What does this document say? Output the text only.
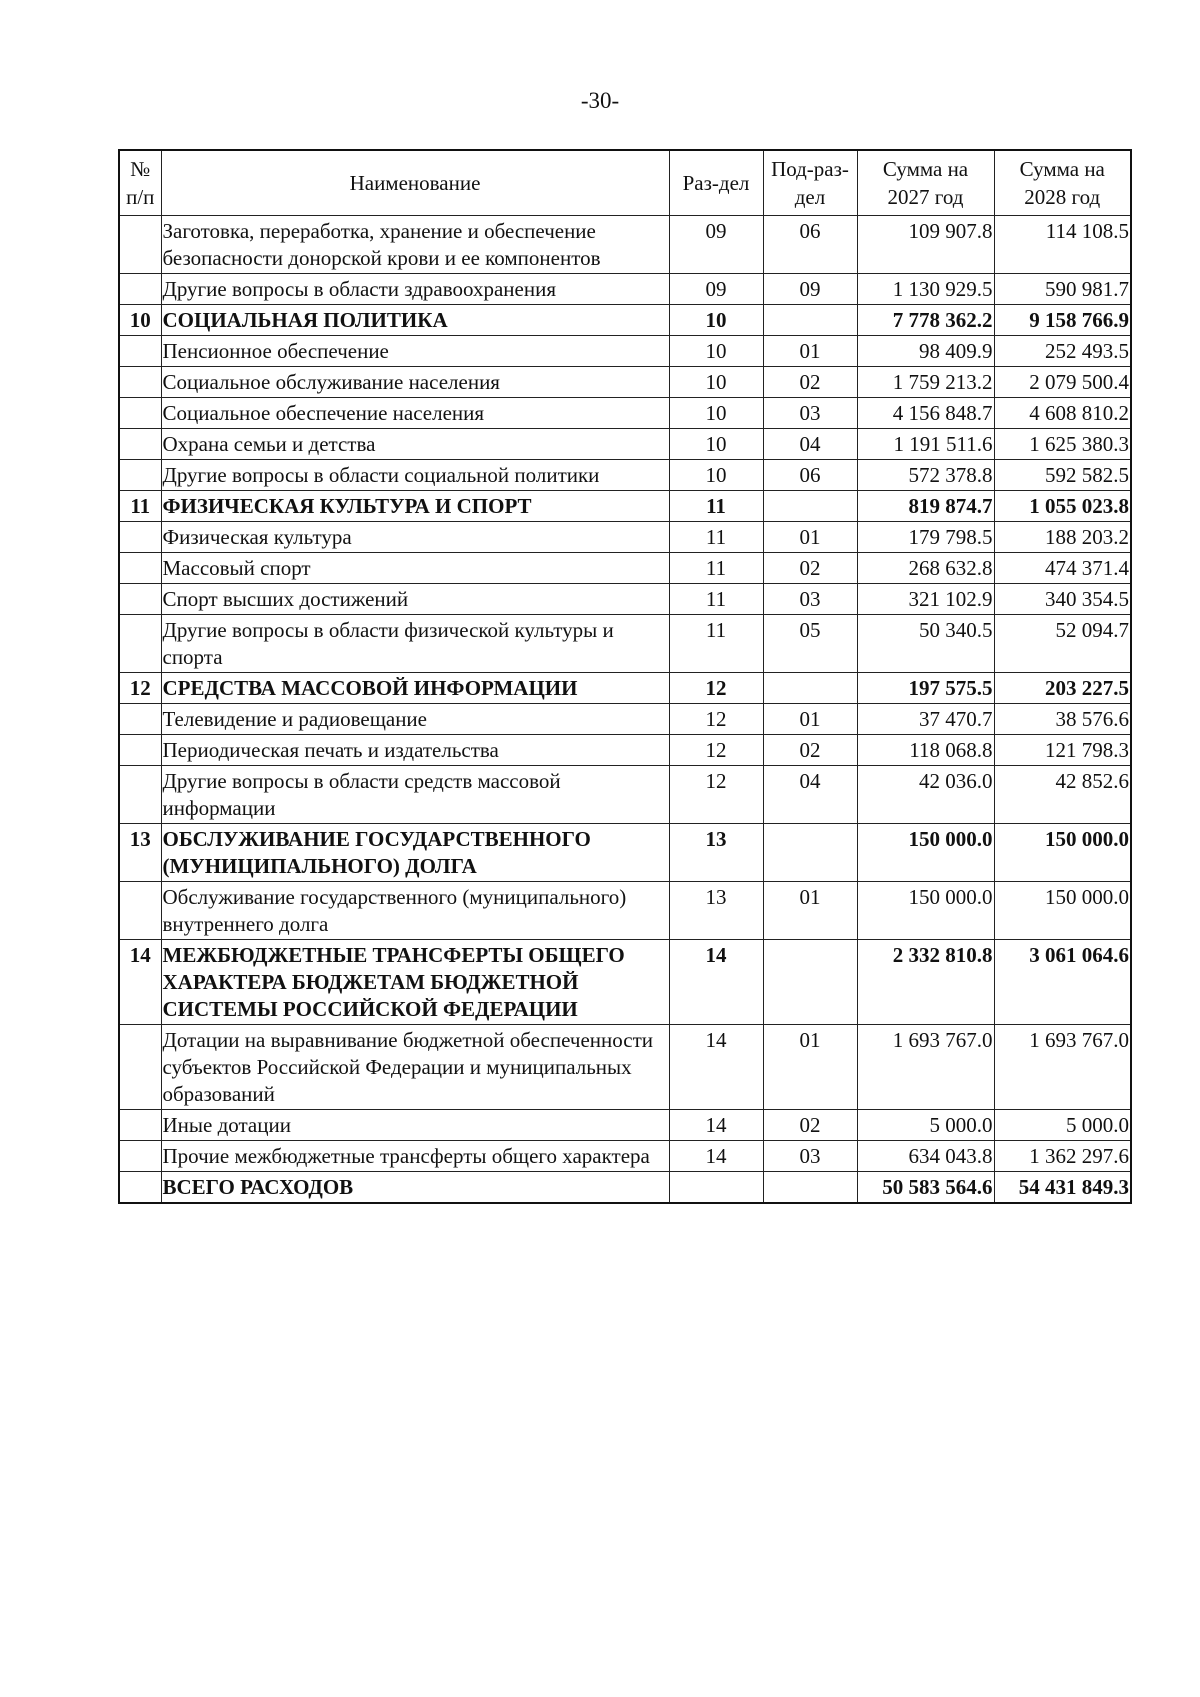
-30-
№ п/п	Наименование	Раз-дел	Под-раз-дел	Сумма на 2027 год	Сумма на 2028 год
	Заготовка, переработка, хранение и обеспечение безопасности донорской крови и ее компонентов	09	06	109 907.8	114 108.5
	Другие вопросы в области здравоохранения	09	09	1 130 929.5	590 981.7
10	СОЦИАЛЬНАЯ ПОЛИТИКА	10		7 778 362.2	9 158 766.9
	Пенсионное обеспечение	10	01	98 409.9	252 493.5
	Социальное обслуживание населения	10	02	1 759 213.2	2 079 500.4
	Социальное обеспечение населения	10	03	4 156 848.7	4 608 810.2
	Охрана семьи и детства	10	04	1 191 511.6	1 625 380.3
	Другие вопросы в области социальной политики	10	06	572 378.8	592 582.5
11	ФИЗИЧЕСКАЯ КУЛЬТУРА И СПОРТ	11		819 874.7	1 055 023.8
	Физическая культура	11	01	179 798.5	188 203.2
	Массовый спорт	11	02	268 632.8	474 371.4
	Спорт высших достижений	11	03	321 102.9	340 354.5
	Другие вопросы в области физической культуры и спорта	11	05	50 340.5	52 094.7
12	СРЕДСТВА МАССОВОЙ ИНФОРМАЦИИ	12		197 575.5	203 227.5
	Телевидение и радиовещание	12	01	37 470.7	38 576.6
	Периодическая печать и издательства	12	02	118 068.8	121 798.3
	Другие вопросы в области средств массовой информации	12	04	42 036.0	42 852.6
13	ОБСЛУЖИВАНИЕ ГОСУДАРСТВЕННОГО (МУНИЦИПАЛЬНОГО) ДОЛГА	13		150 000.0	150 000.0
	Обслуживание государственного (муниципального) внутреннего долга	13	01	150 000.0	150 000.0
14	МЕЖБЮДЖЕТНЫЕ ТРАНСФЕРТЫ ОБЩЕГО ХАРАКТЕРА БЮДЖЕТАМ БЮДЖЕТНОЙ СИСТЕМЫ РОССИЙСКОЙ ФЕДЕРАЦИИ	14		2 332 810.8	3 061 064.6
	Дотации на выравнивание бюджетной обеспеченности субъектов Российской Федерации и муниципальных образований	14	01	1 693 767.0	1 693 767.0
	Иные дотации	14	02	5 000.0	5 000.0
	Прочие межбюджетные трансферты общего характера	14	03	634 043.8	1 362 297.6
	ВСЕГО РАСХОДОВ			50 583 564.6	54 431 849.3
